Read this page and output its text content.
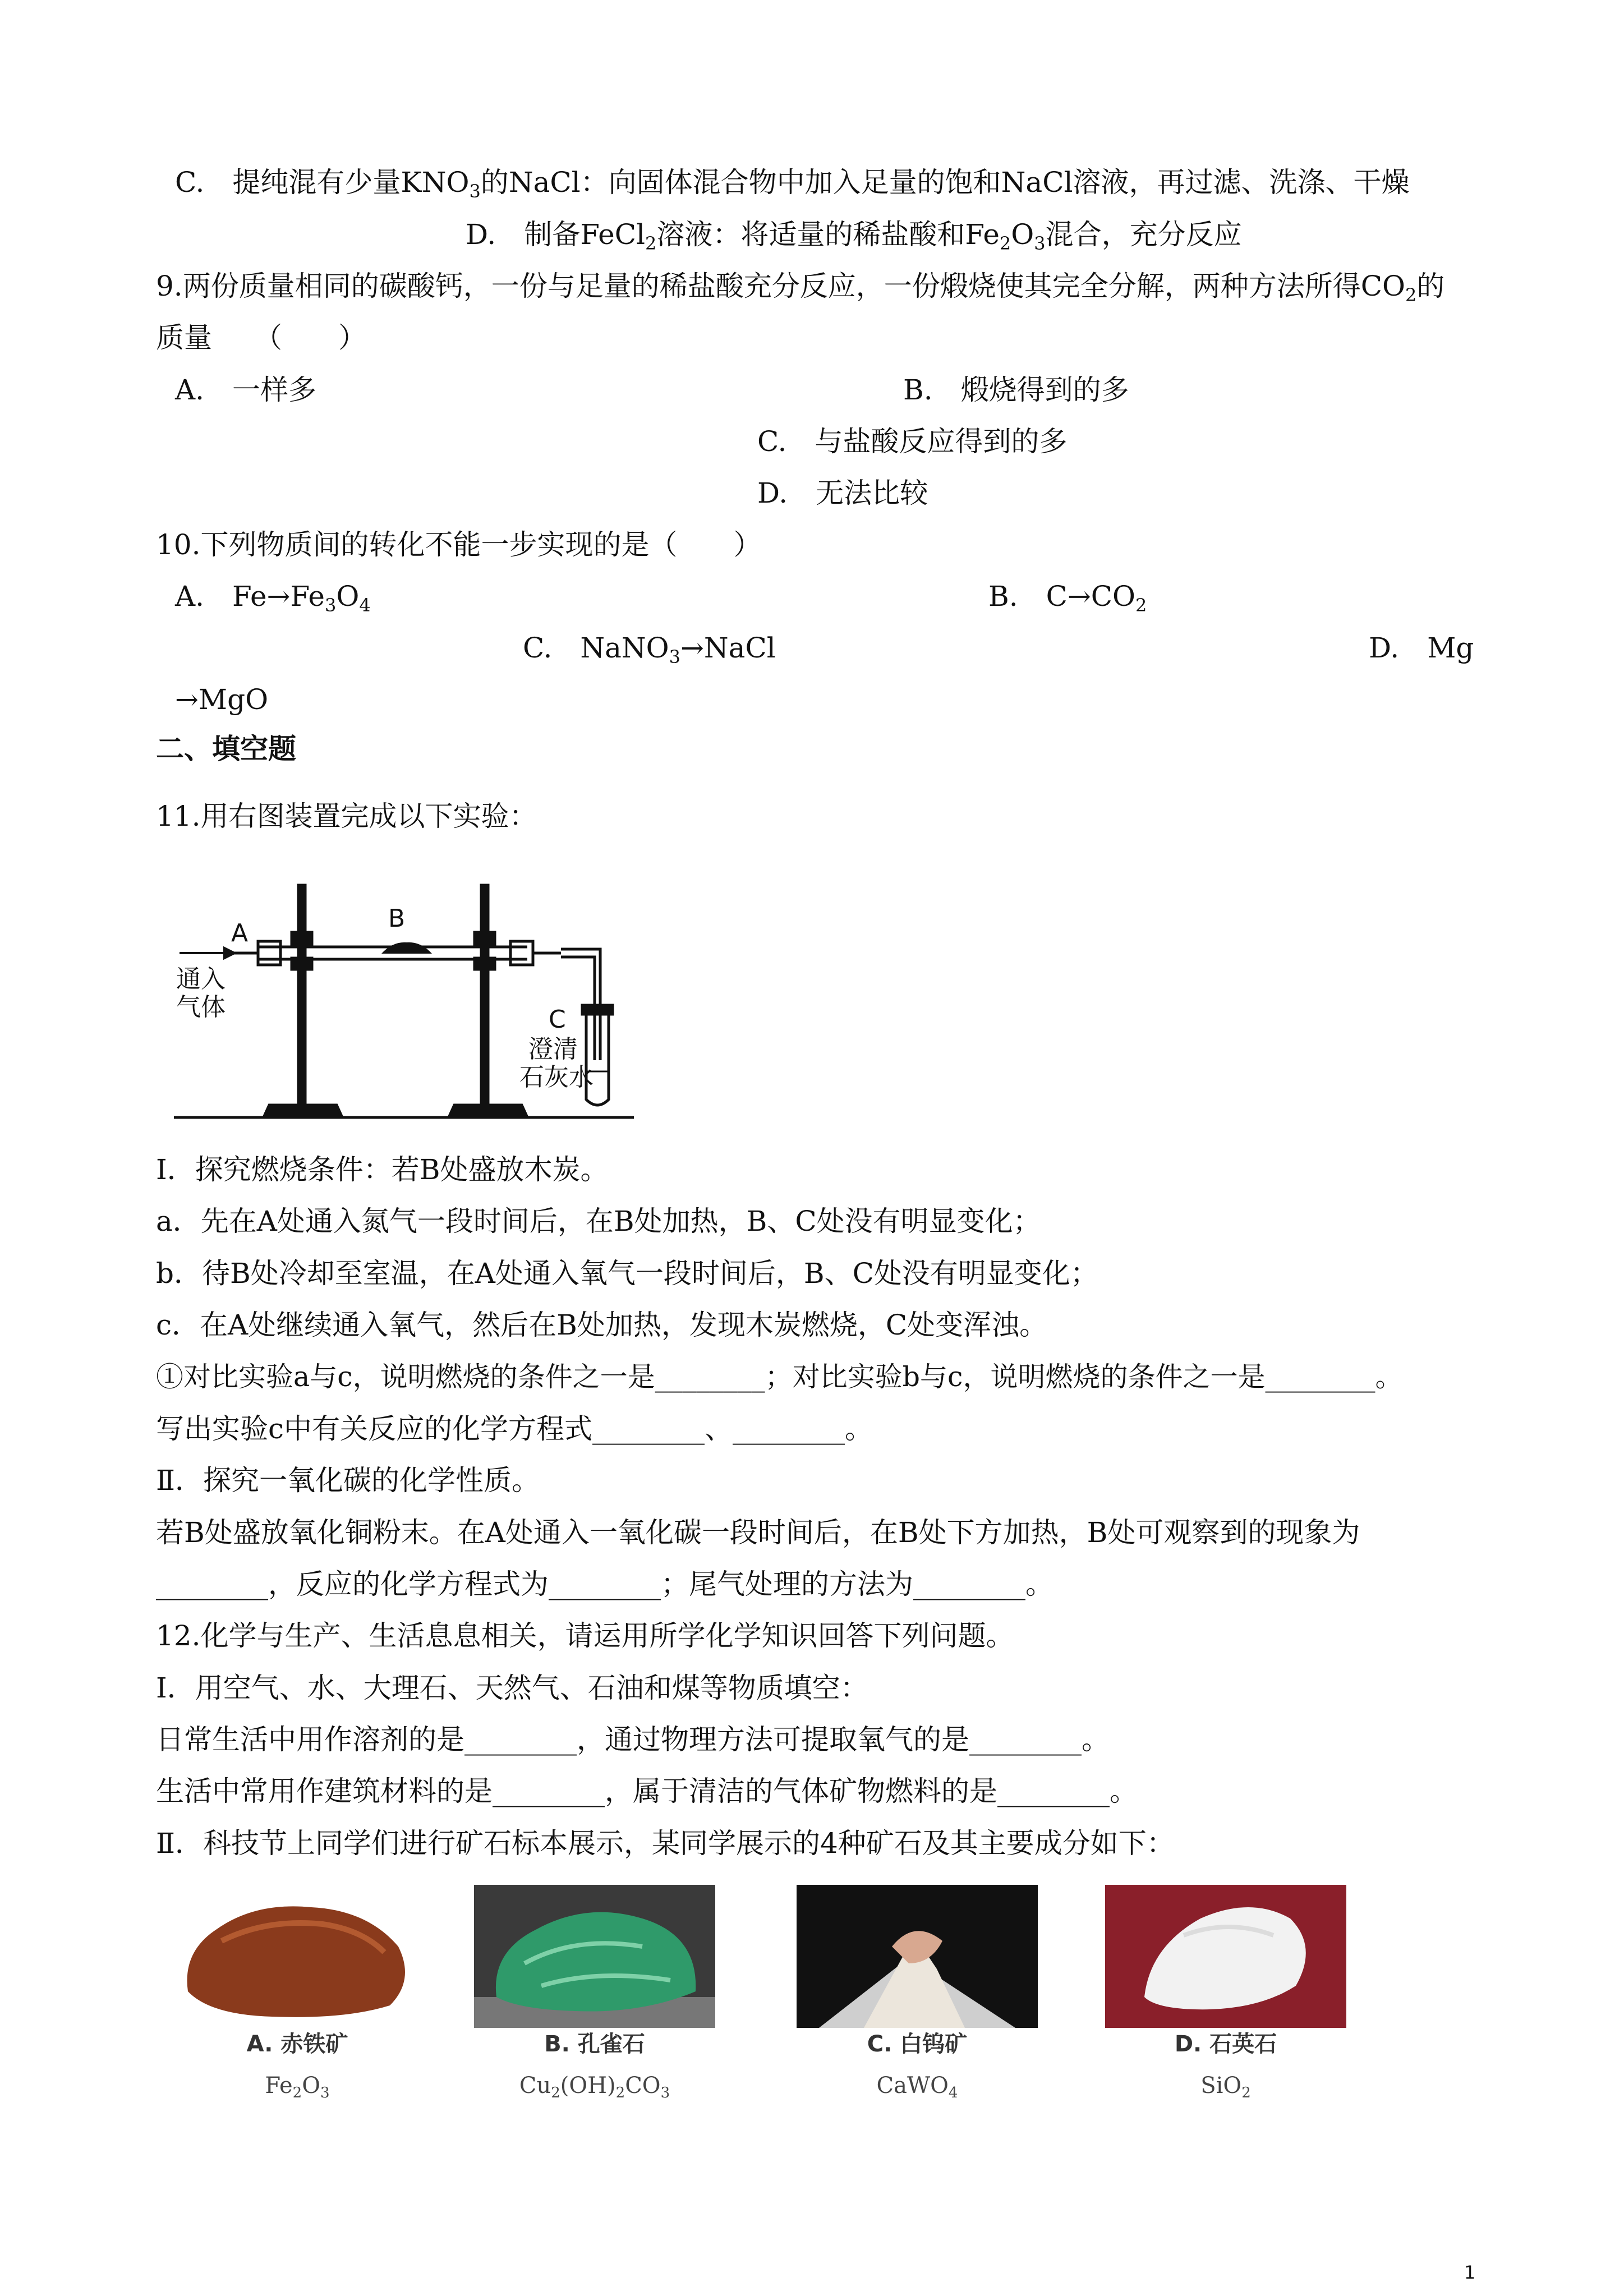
C.　提纯混有少量$KNO_3$的NaCl：向固体混合物中加入足量的饱和NaCl溶液，再过滤、洗涤、干燥
D.　制备FeCl$_2$溶液：将适量的稀盐酸和$Fe_2O_3$混合，充分反应
9.两份质量相同的碳酸钙，一份与足量的稀盐酸充分反应，一份煅烧使其完全分解，两种方法所得$CO_2$的
质量　　（　　）
A.　一样多	B.　煅烧得到的多
C.　与盐酸反应得到的多
D.　无法比较
10.下列物质间的转化不能一步实现的是（　　）
A.　$Fe\to Fe_3O_4$	B.　$C\to CO_2$
C.　NaNO$_3$→NaCl	D.　Mg
→MgO
二、填空题
11.用右图装置完成以下实验：
A
B
C
通入
气体
澄清
石灰水
Ⅰ．探究燃烧条件：若B处盛放木炭。
a．先在A处通入氮气一段时间后，在B处加热，B、C处没有明显变化；
b．待B处冷却至室温，在A处通入氧气一段时间后，B、C处没有明显变化；
c．在A处继续通入氧气，然后在B处加热，发现木炭燃烧，C处变浑浊。
①对比实验a与c，说明燃烧的条件之一是________；对比实验b与c，说明燃烧的条件之一是________。
写出实验c中有关反应的化学方程式________、________。
Ⅱ．探究一氧化碳的化学性质。
若B处盛放氧化铜粉末。在A处通入一氧化碳一段时间后，在B处下方加热，B处可观察到的现象为
________，反应的化学方程式为________；尾气处理的方法为________。
12.化学与生产、生活息息相关，请运用所学化学知识回答下列问题。
Ⅰ．用空气、水、大理石、天然气、石油和煤等物质填空：
日常生活中用作溶剂的是________，通过物理方法可提取氧气的是________。
生活中常用作建筑材料的是________，属于清洁的气体矿物燃料的是________。
Ⅱ．科技节上同学们进行矿石标本展示，某同学展示的4种矿石及其主要成分如下：
A. 赤铁矿	B. 孔雀石	C. 白钨矿	D. 石英石
$Fe_2O_3$	$Cu_2(OH)_2CO_3$	CaWO$_4$	SiO$_2$
1
